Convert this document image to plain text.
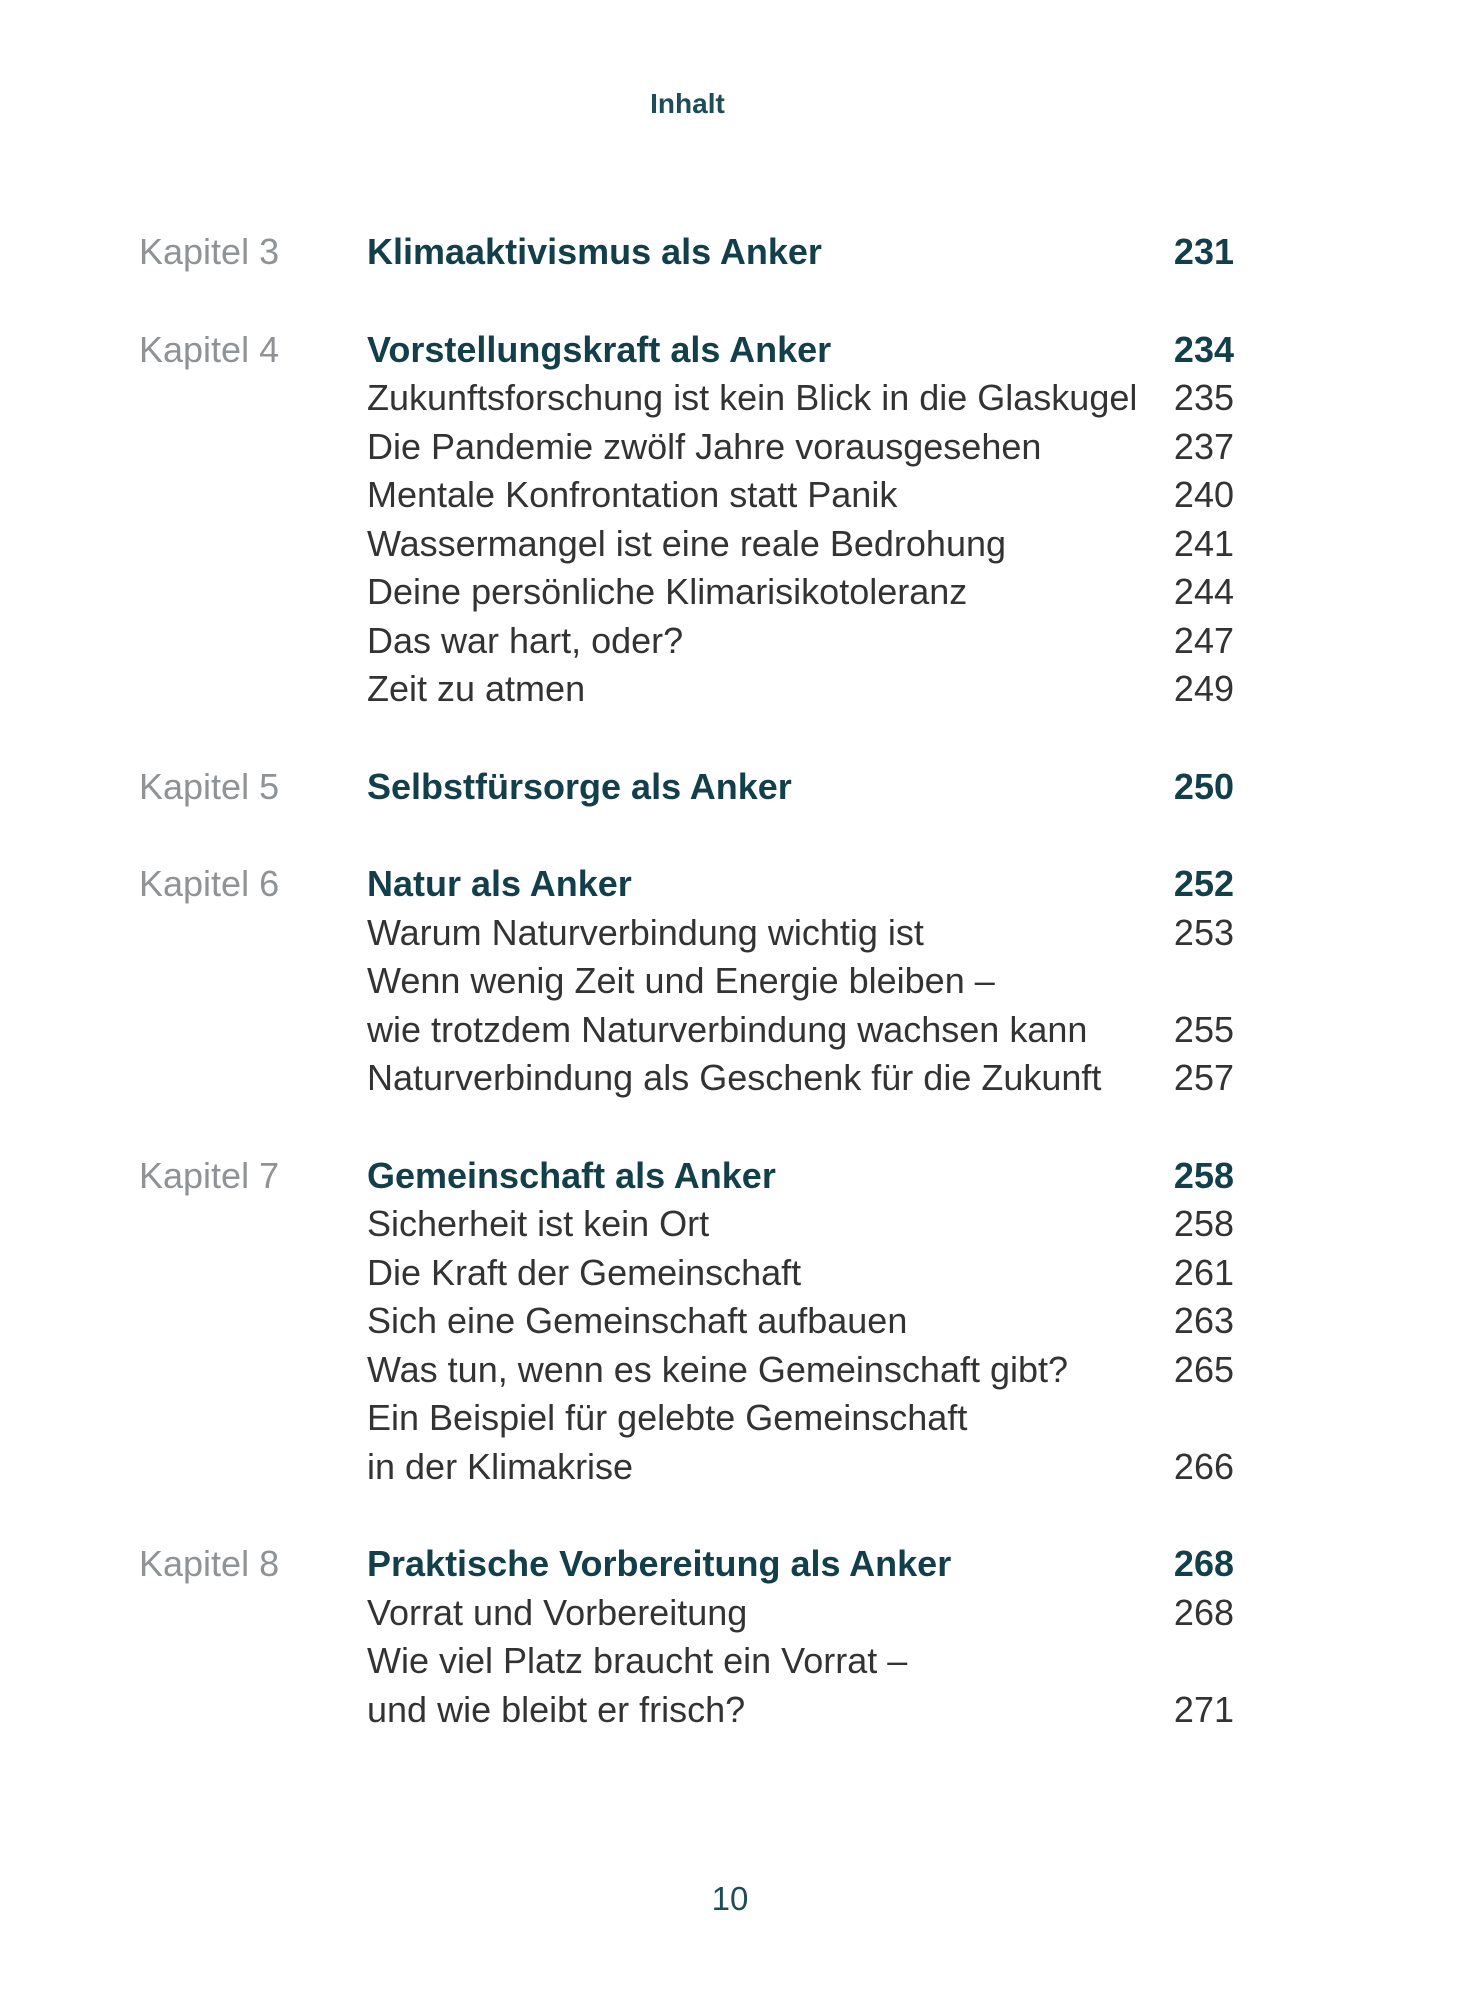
Inhalt
Kapitel 3 Klimaaktivismus als Anker	231
Kapitel 4 Vorstellungskraft als Anker	234
Zukunftsforschung ist kein Blick in die Glaskugel 235
Die Pandemie zwölf Jahre vorausgesehen	237
Mentale Konfrontation statt Panik	240
Wassermangel ist eine reale Bedrohung	241
Deine persönliche Klimarisikotoleranz	244
Das war hart, oder?	247
Zeit zu atmen	249
Kapitel 5 Selbstfürsorge als Anker	250
Kapitel 6 Natur als Anker	252
Warum Naturverbindung wichtig ist	253
Wenn wenig Zeit und Energie bleiben –
wie trotzdem Naturverbindung wachsen kann 255
Naturverbindung als Geschenk für die Zukunft 257
Kapitel 7 Gemeinschaft als Anker	258
Sicherheit ist kein Ort	258
Die Kraft der Gemeinschaft	261
Sich eine Gemeinschaft aufbauen	263
Was tun, wenn es keine Gemeinschaft gibt?	265
Ein Beispiel für gelebte Gemeinschaft
in der Klimakrise	266
Kapitel 8 Praktische Vorbereitung als Anker	268
Vorrat und Vorbereitung	268
Wie viel Platz braucht ein Vorrat –
und wie bleibt er frisch?	271
10
